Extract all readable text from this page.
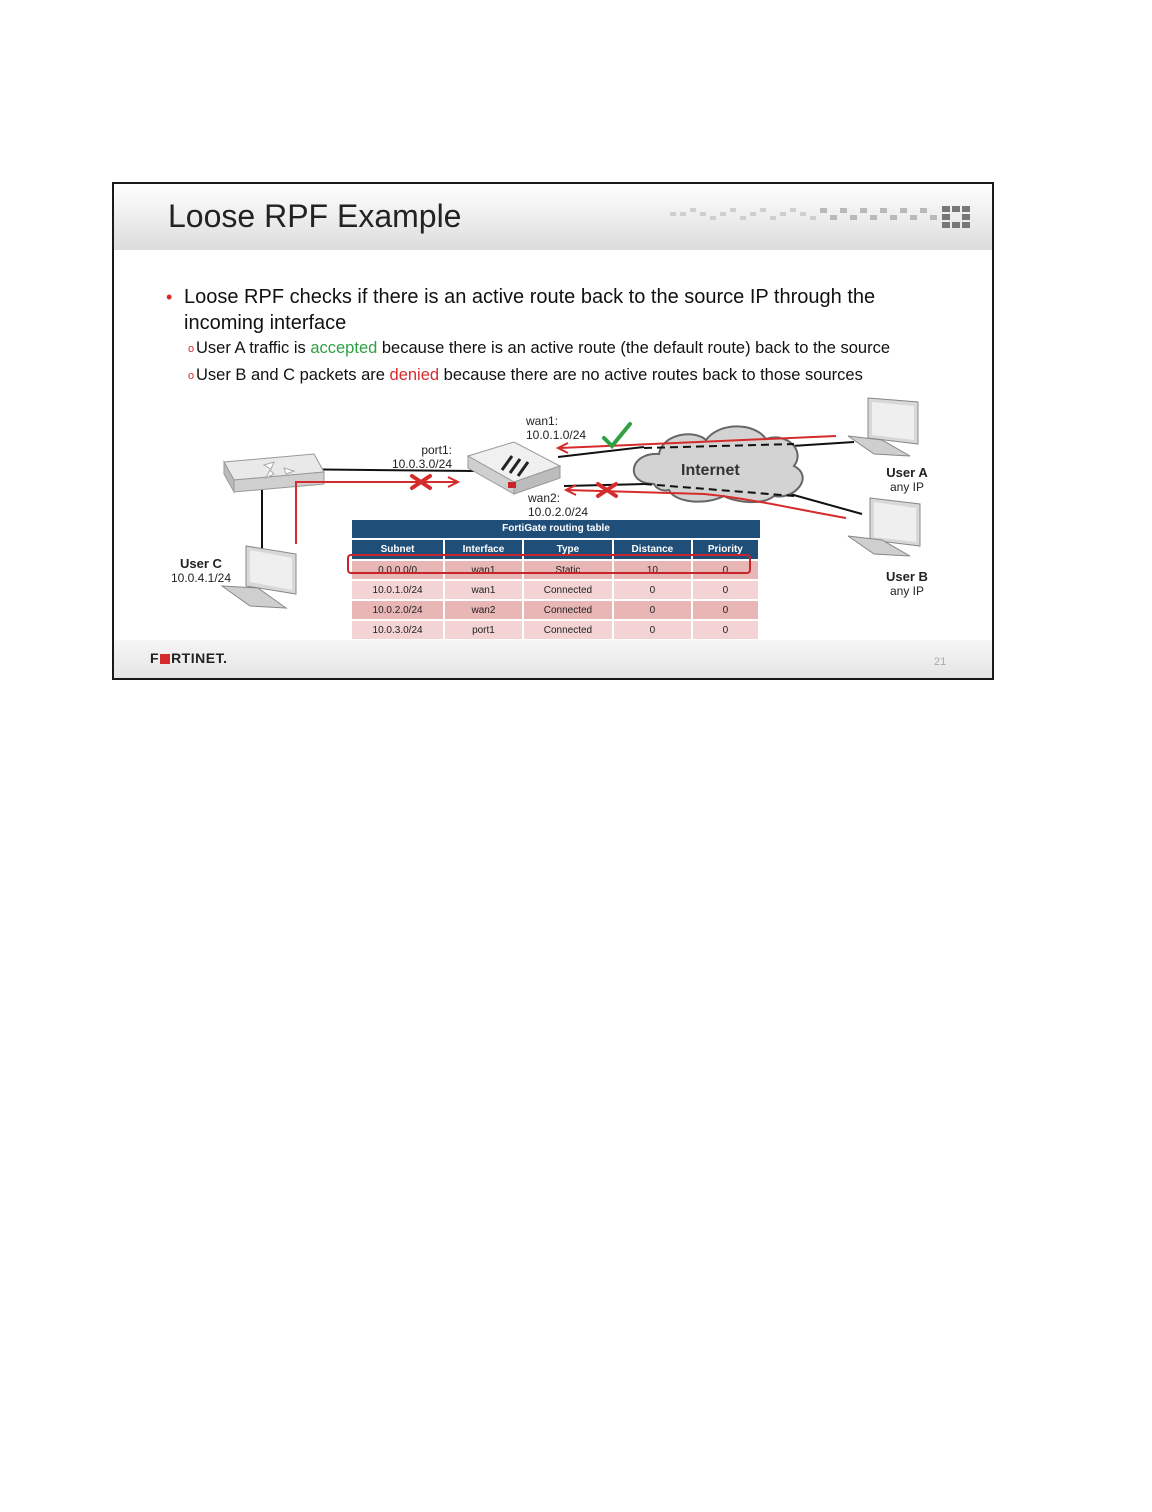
Loose RPF Example
• Loose RPF checks if there is an active route back to the source IP through the incoming interface
o User A traffic is accepted because there is an active route (the default route) back to the source
o User B and C packets are denied because there are no active routes back to those sources
wan1:
10.0.1.0/24
port1:
10.0.3.0/24
wan2:
10.0.2.0/24
Internet	User A
any IP
User B
any IP
User C
10.0.4.1/24
FortiGate routing table
Subnet	Interface	Type	Distance	Priority
0.0.0.0/0	wan1	Static	10	0
10.0.1.0/24	wan1	Connected	0	0
10.0.2.0/24	wan2	Connected	0	0
10.0.3.0/24	port1	Connected	0	0
F RTINET.	21
